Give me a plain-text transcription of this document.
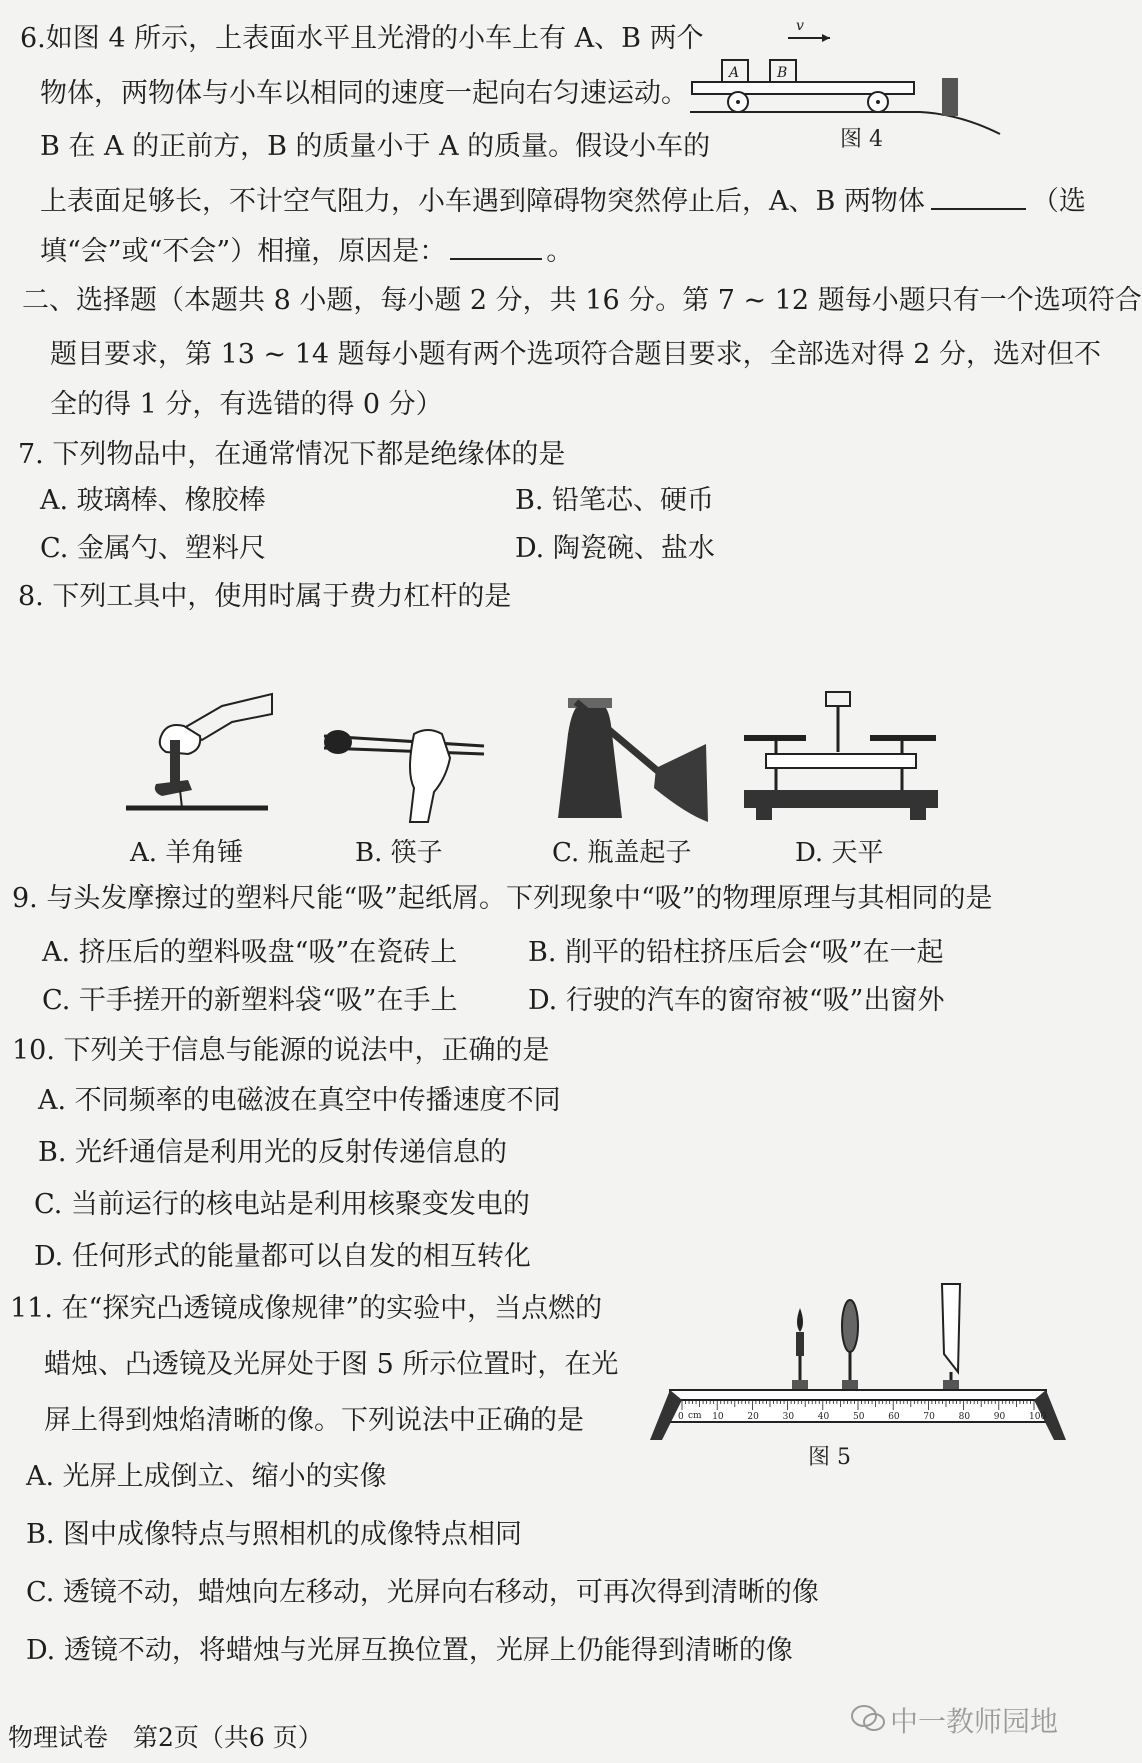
6.如图 4 所示，上表面水平且光滑的小车上有 A、B 两个
物体，两物体与小车以相同的速度一起向右匀速运动。
B 在 A 的正前方，B 的质量小于 A 的质量。假设小车的
上表面足够长，不计空气阻力，小车遇到障碍物突然停止后，A、B 两物体	（选
填“会”或“不会”）相撞，原因是：	。
v
A	B
图 4
二、选择题（本题共 8 小题，每小题 2 分，共 16 分。第 7 ~ 12 题每小题只有一个选项符合
题目要求，第 13 ~ 14 题每小题有两个选项符合题目要求，全部选对得 2 分，选对但不
全的得 1 分，有选错的得 0 分）
7. 下列物品中，在通常情况下都是绝缘体的是
A. 玻璃棒、橡胶棒	B. 铅笔芯、硬币
C. 金属勺、塑料尺	D. 陶瓷碗、盐水
8. 下列工具中，使用时属于费力杠杆的是
A. 羊角锤	B. 筷子	C. 瓶盖起子	D. 天平
9. 与头发摩擦过的塑料尺能“吸”起纸屑。下列现象中“吸”的物理原理与其相同的是
A. 挤压后的塑料吸盘“吸”在瓷砖上	B. 削平的铅柱挤压后会“吸”在一起
C. 干手搓开的新塑料袋“吸”在手上	D. 行驶的汽车的窗帘被“吸”出窗外
10. 下列关于信息与能源的说法中，正确的是
A. 不同频率的电磁波在真空中传播速度不同
B. 光纤通信是利用光的反射传递信息的
C. 当前运行的核电站是利用核聚变发电的
D. 任何形式的能量都可以自发的相互转化
11. 在“探究凸透镜成像规律”的实验中，当点燃的
蜡烛、凸透镜及光屏处于图 5 所示位置时，在光
屏上得到烛焰清晰的像。下列说法中正确的是	10	20	30	40	50	60	70	80	90	100
0 cm
图 5
A. 光屏上成倒立、缩小的实像
B. 图中成像特点与照相机的成像特点相同
C. 透镜不动，蜡烛向左移动，光屏向右移动，可再次得到清晰的像
D. 透镜不动，将蜡烛与光屏互换位置，光屏上仍能得到清晰的像
物理试卷　第2页（共6 页）	中一教师园地
